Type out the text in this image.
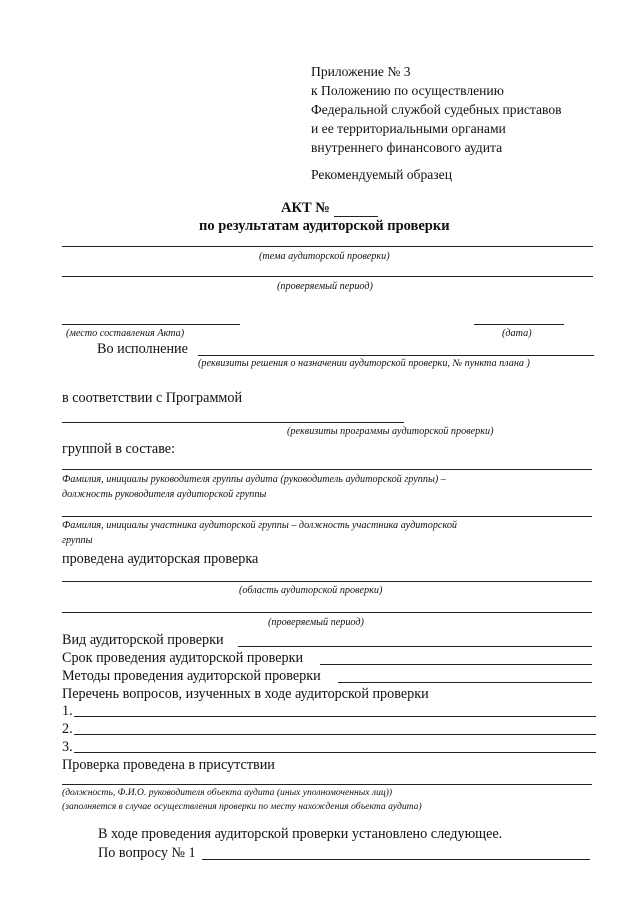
Приложение № 3
к Положению по осуществлению
Федеральной службой судебных приставов
и ее территориальными органами
внутреннего финансового аудита
Рекомендуемый образец
АКТ №
по результатам аудиторской проверки
(тема аудиторской проверки)
(проверяемый период)
(место составления Акта)	(дата)
Во исполнение
(реквизиты решения о назначении аудиторской проверки, № пункта плана )
в соответствии с Программой
(реквизиты программы аудиторской проверки)
группой в составе:
Фамилия, инициалы руководителя группы аудита (руководитель аудиторской группы) –
должность руководителя аудиторской группы
Фамилия, инициалы участника аудиторской группы – должность участника аудиторской
группы
проведена аудиторская проверка
(область аудиторской проверки)
(проверяемый период)
Вид аудиторской проверки
Срок проведения аудиторской проверки
Методы проведения аудиторской проверки
Перечень вопросов, изученных в ходе аудиторской проверки
1.
2.
3.
Проверка проведена в присутствии
(должность, Ф.И.О. руководителя объекта аудита (иных уполномоченных лиц))
(заполняется в случае осуществления проверки по месту нахождения объекта аудита)
В ходе проведения аудиторской проверки установлено следующее.
По вопросу № 1
